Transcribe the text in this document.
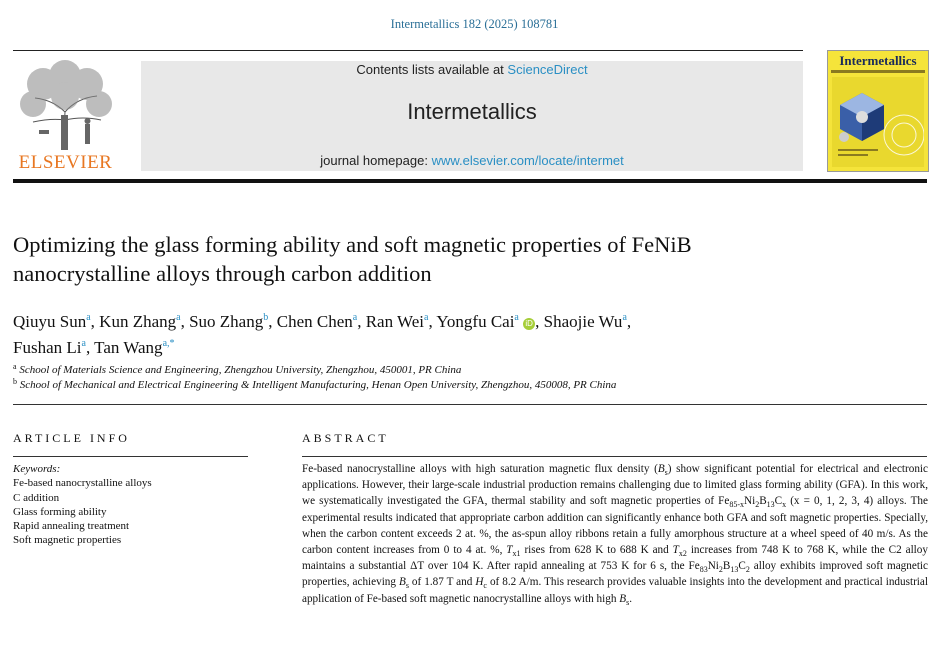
Intermetallics 182 (2025) 108781
ELSEVIER
Contents lists available at ScienceDirect
Intermetallics
journal homepage: www.elsevier.com/locate/intermet
Intermetallics
Optimizing the glass forming ability and soft magnetic properties of FeNiB
nanocrystalline alloys through carbon addition
Qiuyu Sun$^a$, Kun Zhang$^a$, Suo Zhang$^b$, Chen Chen$^a$, Ran Wei$^a$, Yongfu Cai$^a$ iD , Shaojie Wu$^a$,
Fushan Li$^a$, Tan Wang$^{a,*}$
$^a$ School of Materials Science and Engineering, Zhengzhou University, Zhengzhou, 450001, PR China
$^b$ School of Mechanical and Electrical Engineering & Intelligent Manufacturing, Henan Open University, Zhengzhou, 450008, PR China
ARTICLE INFO	ABSTRACT
Keywords:
Fe-based nanocrystalline alloys
C addition
Glass forming ability
Rapid annealing treatment
Soft magnetic properties
Fe-based nanocrystalline alloys with high saturation magnetic flux density $(B_s)$ show significant potential for electrical and electronic applications. However, their large-scale industrial production remains challenging due to limited glass forming ability (GFA). In this work, we systematically investigated the GFA, thermal stability and soft magnetic properties of $Fe_{85-x}Ni_2B_{13}C_x$ (x = 0, 1, 2, 3, 4) alloys. The experimental results indicated that appropriate carbon addition can significantly enhance both GFA and soft magnetic properties. Specially, when the carbon content exceeds 2 at. %, the as-spun alloy ribbons retain a fully amorphous structure at a wheel speed of 40 m/s. As the carbon content increases from 0 to 4 at. %, $T_{x1}$ rises from 628 K to 688 K and $T_{x2}$ increases from 748 K to 768 K, while the C2 alloy maintains a substantial ΔT over 104 K. After rapid annealing at 753 K for 6 s, the $Fe_{83}Ni_2B_{13}C_2$ alloy exhibits improved soft magnetic properties, achieving $B_s$ of 1.87 T and $H_c$ of 8.2 A/m. This research provides valuable insights into the development and practical industrial application of Fe-based soft magnetic nanocrystalline alloys with high $B_s$.
